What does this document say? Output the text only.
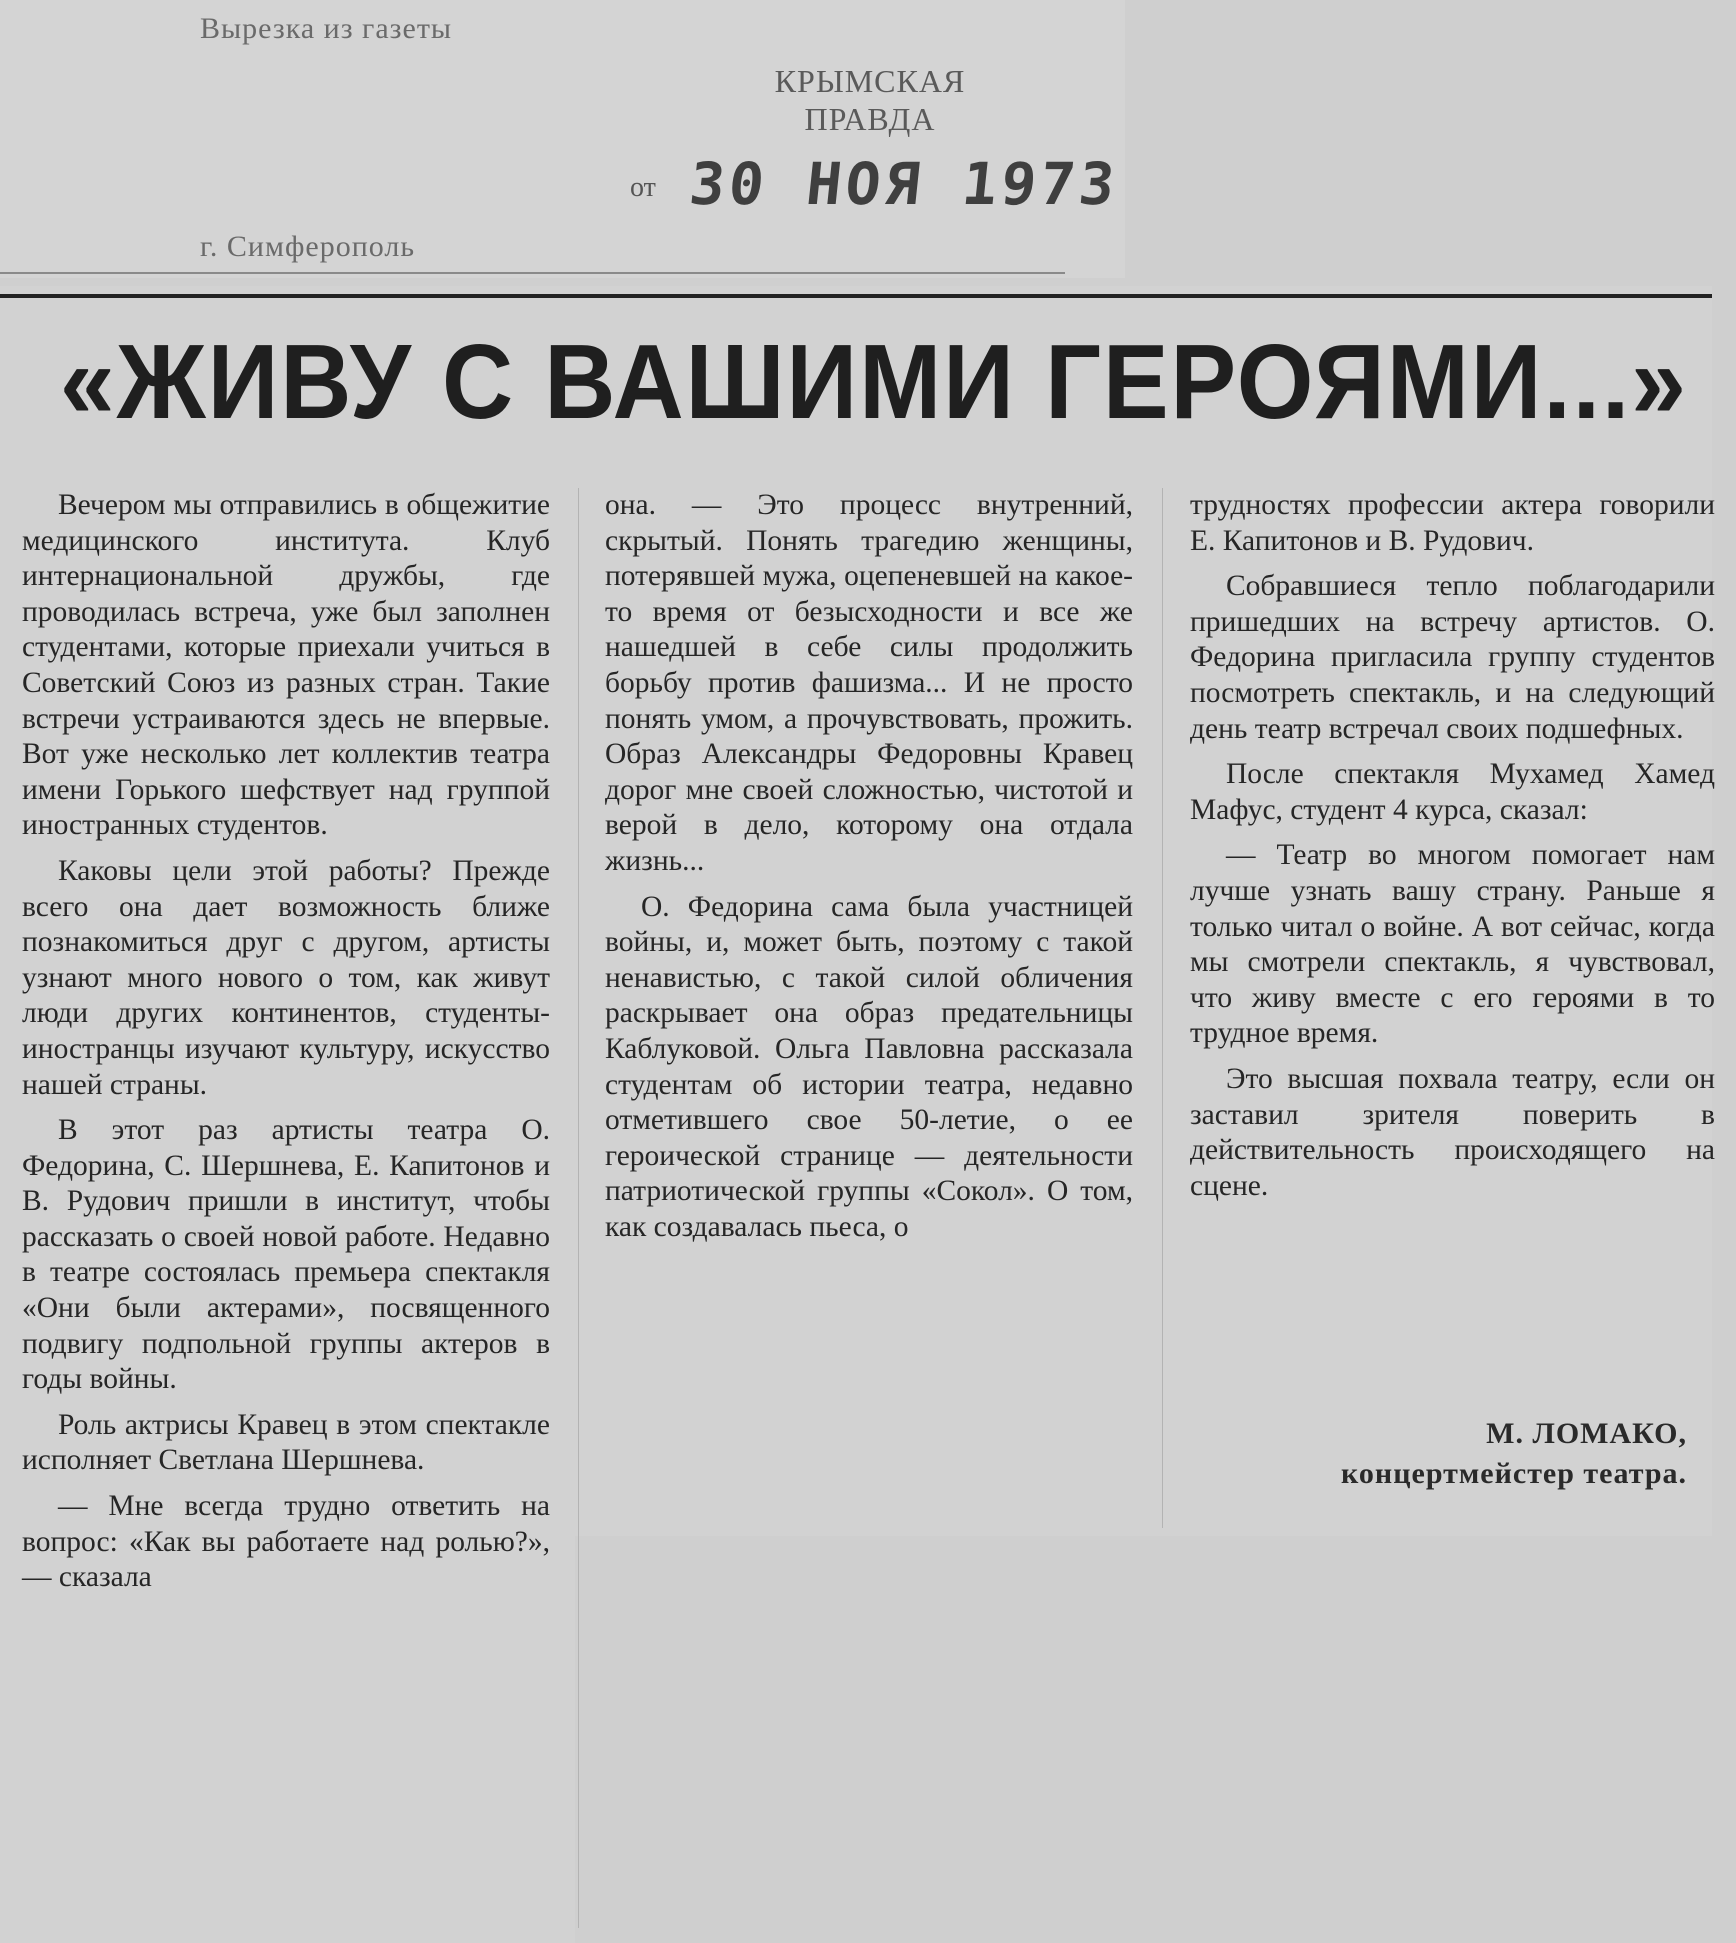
Вырезка из газеты
КРЫМСКАЯ
ПРАВДА
от 30 НОЯ 1973
г. Симферополь
«ЖИВУ С ВАШИМИ ГЕРОЯМИ...»

Вечером мы отправились в общежитие медицинского института. Клуб интернациональной дружбы, где проводилась встреча, уже был заполнен студентами, которые приехали учиться в Советский Союз из разных стран. Такие встречи устраиваются здесь не впервые. Вот уже несколько лет коллектив театра имени Горького шефствует над группой иностранных студентов.

Каковы цели этой работы? Прежде всего она дает возможность ближе познакомиться друг с другом, артисты узнают много нового о том, как живут люди других континентов, студенты-иностранцы изучают культуру, искусство нашей страны.

В этот раз артисты театра О. Федорина, С. Шершнева, Е. Капитонов и В. Рудович пришли в институт, чтобы рассказать о своей новой работе. Недавно в театре состоялась премьера спектакля «Они были актерами», посвященного подвигу подпольной группы актеров в годы войны.

Роль актрисы Кравец в этом спектакле исполняет Светлана Шершнева.

— Мне всегда трудно ответить на вопрос: «Как вы работаете над ролью?», — сказала

она. — Это процесс внутренний, скрытый. Понять трагедию женщины, потерявшей мужа, оцепеневшей на какое-то время от безысходности и все же нашедшей в себе силы продолжить борьбу против фашизма... И не просто понять умом, а прочувствовать, прожить. Образ Александры Федоровны Кравец дорог мне своей сложностью, чистотой и верой в дело, которому она отдала жизнь...

О. Федорина сама была участницей войны, и, может быть, поэтому с такой ненавистью, с такой силой обличения раскрывает она образ предательницы Каблуковой. Ольга Павловна рассказала студентам об истории театра, недавно отметившего свое 50-летие, о ее героической странице — деятельности патриотической группы «Сокол». О том, как создавалась пьеса, о

трудностях профессии актера говорили Е. Капитонов и В. Рудович.

Собравшиеся тепло поблагодарили пришедших на встречу артистов. О. Федорина пригласила группу студентов посмотреть спектакль, и на следующий день театр встречал своих подшефных.

После спектакля Мухамед Хамед Мафус, студент 4 курса, сказал:

— Театр во многом помогает нам лучше узнать вашу страну. Раньше я только читал о войне. А вот сейчас, когда мы смотрели спектакль, я чувствовал, что живу вместе с его героями в то трудное время.

Это высшая похвала театру, если он заставил зрителя поверить в действительность происходящего на сцене.

М. ЛОМАКО,
концертмейстер театра.
